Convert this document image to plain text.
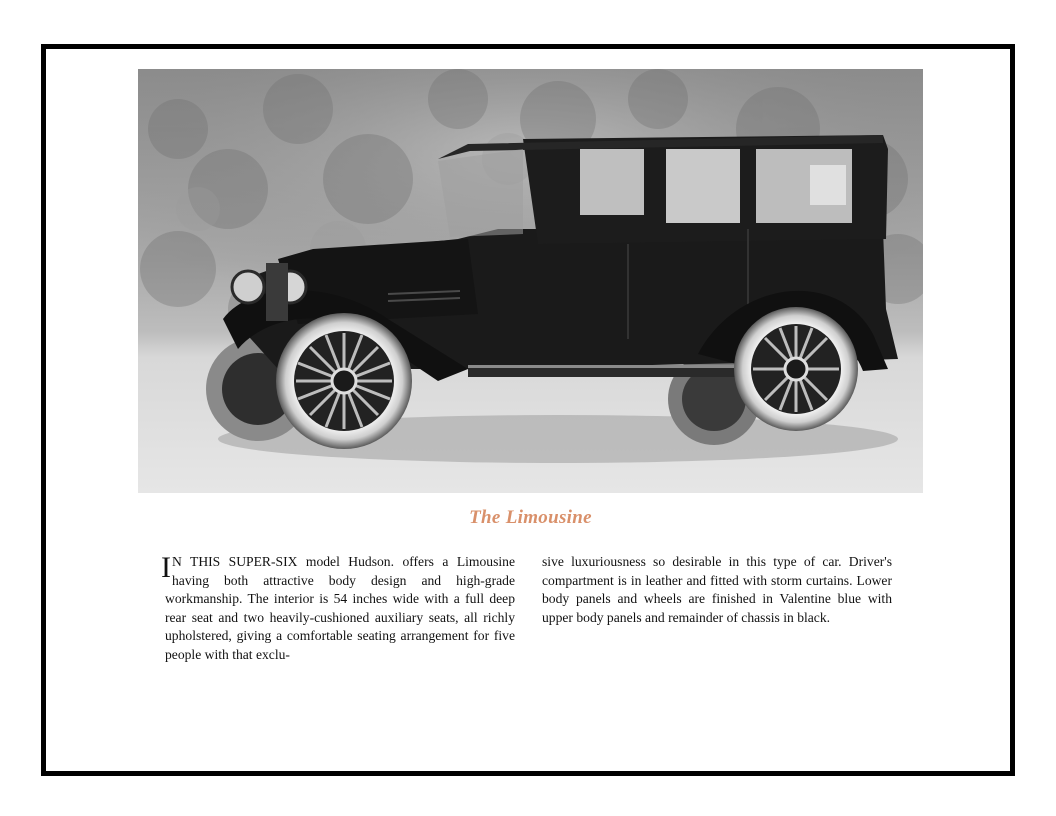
The Limousine
I N THIS SUPER-SIX model Hudson. offers a Limousine having both attractive body design and high-grade workmanship. The interior is 54 inches wide with a full deep rear seat and two heavily-cushioned auxiliary seats, all richly upholstered, giving a comfortable seating arrangement for five people with that exclu-
sive luxuriousness so desirable in this type of car. Driver's compartment is in leather and fitted with storm curtains. Lower body panels and wheels are finished in Valentine blue with upper body panels and remainder of chassis in black.
